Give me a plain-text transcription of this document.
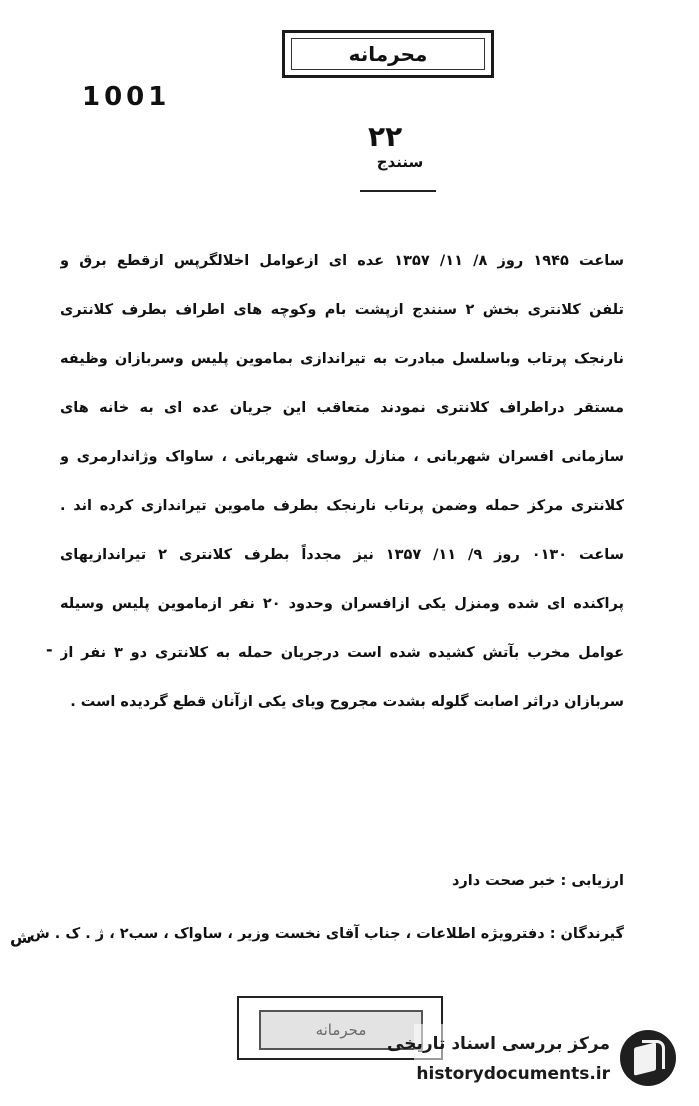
محرمانه
1001
۲۲
سنندج
ساعت ۱۹۴۵ روز ۸/ ۱۱/ ۱۳۵۷ عده ای ازعوامل اخلالگرپس ازقطع برق و
تلفن کلانتری بخش ۲ سنندج ازپشت بام وکوچه های اطراف بطرف کلانتری
نارنجک پرتاب وباسلسل مبادرت به تیراندازی بماموین پلیس وسربازان وظیفه
مستقر دراطراف کلانتری نمودند متعاقب این جریان عده ای به خانه های
سازمانی افسران شهربانی ، منازل روسای شهربانی ، ساواک وژاندارمری و
کلانتری مرکز حمله وضمن پرتاب نارنجک بطرف ماموین تیراندازی کرده اند .
ساعت ۰۱۳۰ روز ۹/ ۱۱/ ۱۳۵۷ نیز مجدداً بطرف کلانتری ۲ تیراندازیهای
پراکنده ای شده ومنزل یکی ازافسران وحدود ۲۰ نفر ازماموین پلیس وسیله
عوامل مخرب بآتش کشیده شده است درجریان حمله به کلانتری دو ۳ نفر از
سربازان دراثر اصابت گلوله بشدت مجروح ویای یکی ازآنان قطع گردیده است .
-
ش
ارزیابی : خبر صحت دارد
گیرندگان : دفترویژه اطلاعات ، جناب آقای نخست وزیر ، ساواک ، سب۲ ، ژ . ک . ش
محرمانه
مرکز بررسی اسناد تاریخی
historydocuments.ir
